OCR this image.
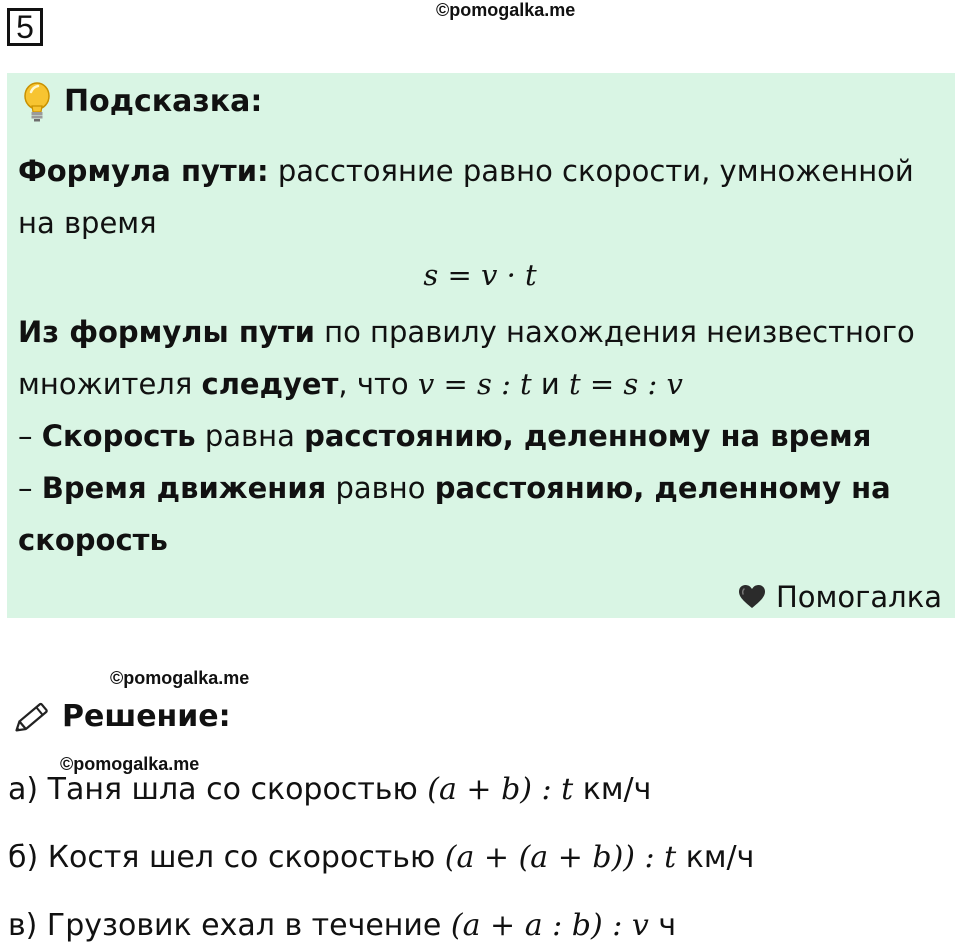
5	©pomogalka.me
Подсказка:
Формула пути: расстояние равно скорости, умноженной
на время
s = v · t
Из формулы пути по правилу нахождения неизвестного
множителя следует, что v = s : t и t = s : v
– Скорость равна расстоянию, деленному на время
– Время движения равно расстоянию, деленному на
скорость
Помогалка
©pomogalka.me
Решение:
©pomogalka.me
а) Таня шла со скоростью (a + b) : t км/ч
б) Костя шел со скоростью (a + (a + b)) : t км/ч
в) Грузовик ехал в течение (a + a : b) : v ч
